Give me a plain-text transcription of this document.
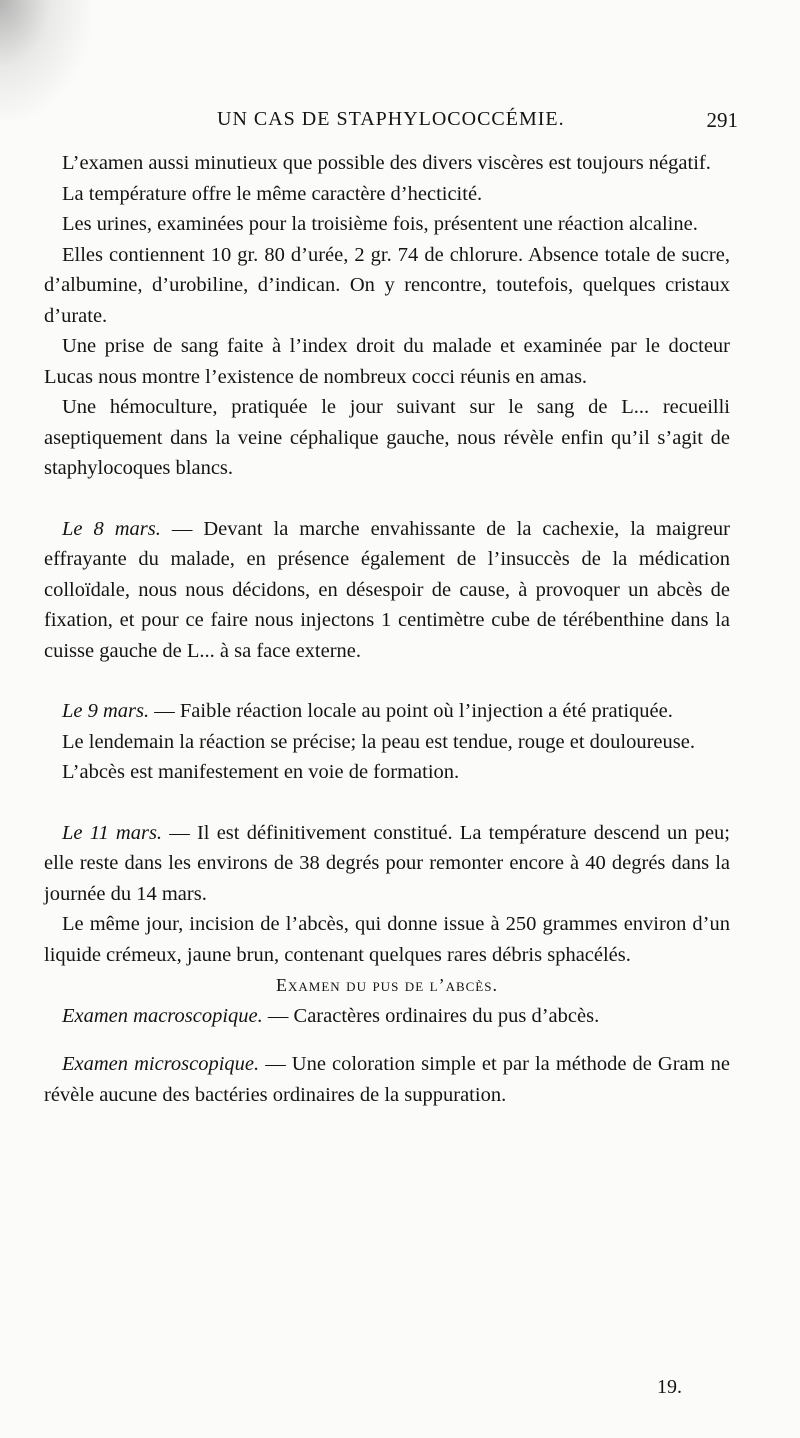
UN CAS DE STAPHYLOCOCCÉMIE.	291

L’examen aussi minutieux que possible des divers viscères est toujours négatif.

La température offre le même caractère d’hecticité.

Les urines, examinées pour la troisième fois, présentent une réaction alcaline.

Elles contiennent 10 gr. 80 d’urée, 2 gr. 74 de chlorure. Absence totale de sucre, d’albumine, d’urobiline, d’indican. On y rencontre, toutefois, quelques cristaux d’urate.

Une prise de sang faite à l’index droit du malade et examinée par le docteur Lucas nous montre l’existence de nombreux cocci réunis en amas.

Une hémoculture, pratiquée le jour suivant sur le sang de L... recueilli aseptiquement dans la veine céphalique gauche, nous révèle enfin qu’il s’agit de staphylocoques blancs.

Le 8 mars. — Devant la marche envahissante de la cachexie, la maigreur effrayante du malade, en présence également de l’insuccès de la médication colloïdale, nous nous décidons, en désespoir de cause, à provoquer un abcès de fixation, et pour ce faire nous injectons 1 centimètre cube de térébenthine dans la cuisse gauche de L... à sa face externe.

Le 9 mars. — Faible réaction locale au point où l’injection a été pratiquée.

Le lendemain la réaction se précise; la peau est tendue, rouge et douloureuse.

L’abcès est manifestement en voie de formation.

Le 11 mars. — Il est définitivement constitué. La température descend un peu; elle reste dans les environs de 38 degrés pour remonter encore à 40 degrés dans la journée du 14 mars.

Le même jour, incision de l’abcès, qui donne issue à 250 grammes environ d’un liquide crémeux, jaune brun, contenant quelques rares débris sphacélés.

Examen du pus de l’abcès.

Examen macroscopique. — Caractères ordinaires du pus d’abcès.

Examen microscopique. — Une coloration simple et par la méthode de Gram ne révèle aucune des bactéries ordinaires de la suppuration.

19.
